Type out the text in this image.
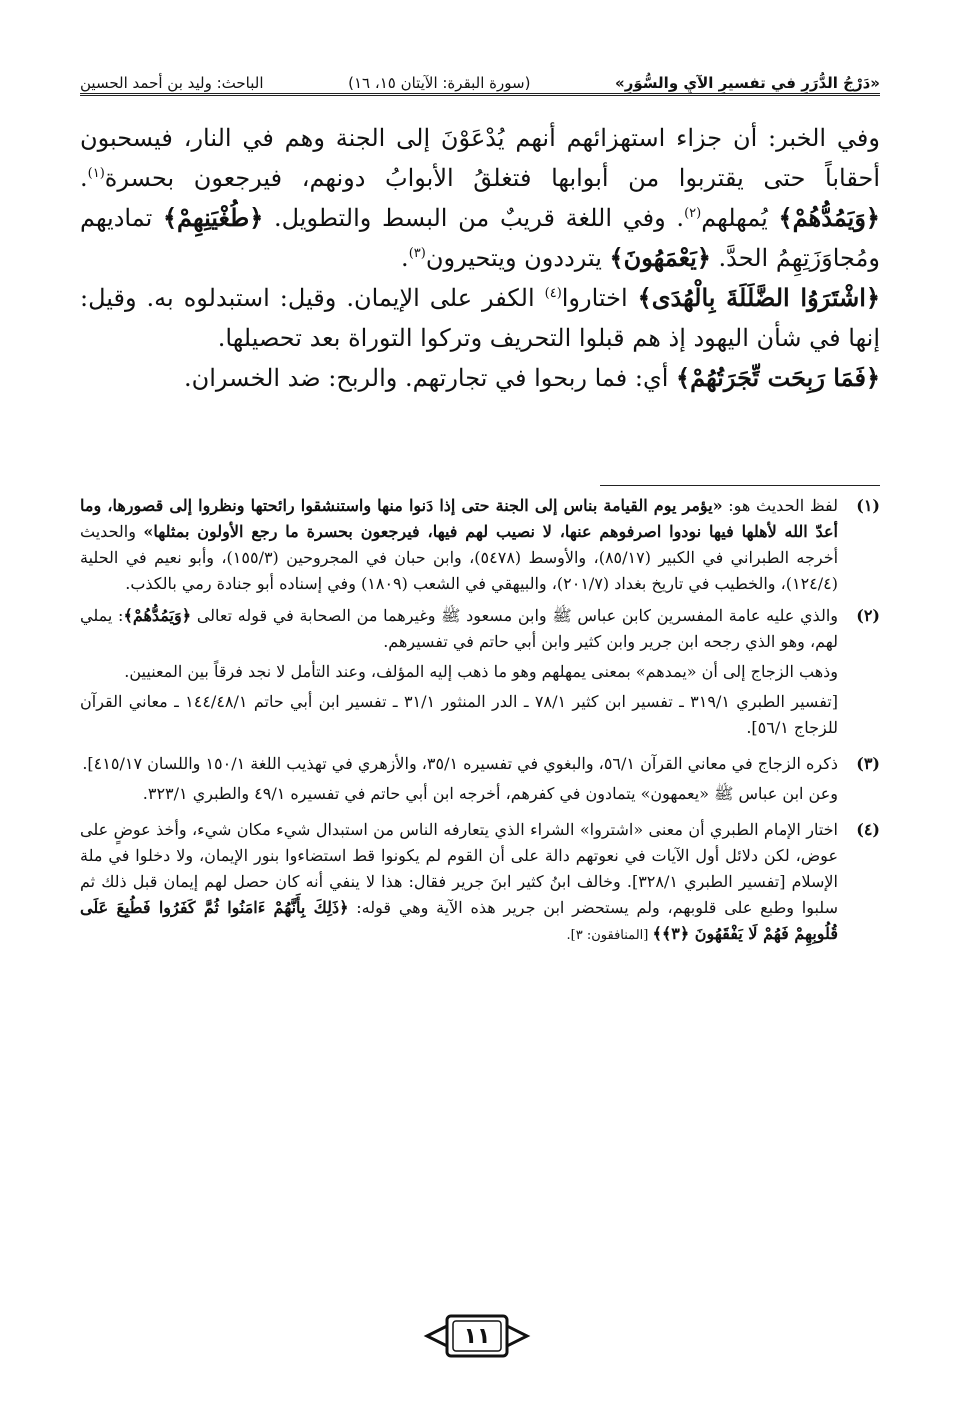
«دَرْجُ الدُّرَرِ في تفسيرِ الآيِ والسُّوَرِ»
(سورة البقرة: الآيتان ١٥، ١٦)
الباحث: وليد بن أحمد الحسين

وفي الخبر: أن جزاء استهزائهم أنهم يُدْعَوْنَ إلى الجنة وهم في النار، فيسحبون أحقاباً حتى يقتربوا من أبوابها فتغلقُ الأبوابُ دونهم، فيرجعون بحسرة$^{(١)}$. ﴿وَيَمُدُّهُمْ﴾ يُمهلهم$^{(٢)}$. وفي اللغة قريبٌ من البسط والتطويل. ﴿طُغْيَنِهِمْ﴾ تماديهم ومُجاوَزَتِهِمُ الحدَّ. ﴿يَعْمَهُونَ﴾ يترددون ويتحيرون$^{(٣)}$.

﴿اشْتَرَوُا الضَّلَلَةَ بِالْهُدَى﴾ اختاروا$^{(٤)}$ الكفر على الإيمان. وقيل: استبدلوه به. وقيل: إنها في شأن اليهود إذ هم قبلوا التحريف وتركوا التوراة بعد تحصيلها.

﴿فَمَا رَبِحَت تِّجَرَتُهُمْ﴾ أي: فما ربحوا في تجارتهم. والربح: ضد الخسران.

(١)
لفظ الحديث هو: «يؤمر يوم القيامة بناس إلى الجنة حتى إذا دَنوا منها واستنشقوا رائحتها ونظروا إلى قصورها، وما أعدّ الله لأهلها فيها نودوا اصرفوهم عنها، لا نصيب لهم فيها، فيرجعون بحسرة ما رجع الأولون بمثلها» والحديث أخرجه الطبراني في الكبير (٨٥/١٧)، والأوسط (٥٤٧٨)، وابن حبان في المجروحين (١٥٥/٣)، وأبو نعيم في الحلية (١٢٤/٤)، والخطيب في تاريخ بغداد (٢٠١/٧)، والبيهقي في الشعب (١٨٠٩) وفي إسناده أبو جنادة رمي بالكذب.
(٢)

والذي عليه عامة المفسرين كابن عباس ﷺ وابن مسعود ﷺ وغيرهما من الصحابة في قوله تعالى ﴿وَيَمُدُّهُمْ﴾: يملي لهم، وهو الذي رجحه ابن جرير وابن كثير وابن أبي حاتم في تفسيرهم.

وذهب الزجاج إلى أن «يمدهم» بمعنى يمهلهم وهو ما ذهب إليه المؤلف، وعند التأمل لا نجد فرقاً بين المعنيين.

[تفسير الطبري ٣١٩/١ ـ تفسير ابن كثير ٧٨/١ ـ الدر المنثور ٣١/١ ـ تفسير ابن أبي حاتم ١٤٤/٤٨/١ ـ معاني القرآن للزجاج ٥٦/١].

(٣)

ذكره الزجاج في معاني القرآن ٥٦/١، والبغوي في تفسيره ٣٥/١، والأزهري في تهذيب اللغة ١٥٠/١ واللسان ٤١٥/١٧].

وعن ابن عباس ﷺ «يعمهون» يتمادون في كفرهم، أخرجه ابن أبي حاتم في تفسيره ٤٩/١ والطبري ٣٢٣/١.

(٤)
اختار الإمام الطبري أن معنى «اشتروا» الشراء الذي يتعارفه الناس من استبدال شيء مكان شيء، وأخذ عوضٍ على عوض، لكن دلائل أول الآيات في نعوتهم دالة على أن القوم لم يكونوا قط استضاءوا بنور الإيمان، ولا دخلوا في ملة الإسلام [تفسير الطبري ٣٢٨/١]. وخالف ابنُ كثير ابنَ جرير فقال: هذا لا ينفي أنه كان حصل لهم إيمان قبل ذلك ثم سلبوا وطبع على قلوبهم، ولم يستحضر ابن جرير هذه الآية وهي قوله: ﴿ذَلِكَ بِأَنَّهُمْ ءَامَنُوا ثُمَّ كَفَرُوا فَطُبِعَ عَلَى قُلُوبِهِمْ فَهُمْ لَا يَفْقَهُونَ ﴿٣﴾﴾ [المنافقون: ٣].
١١
